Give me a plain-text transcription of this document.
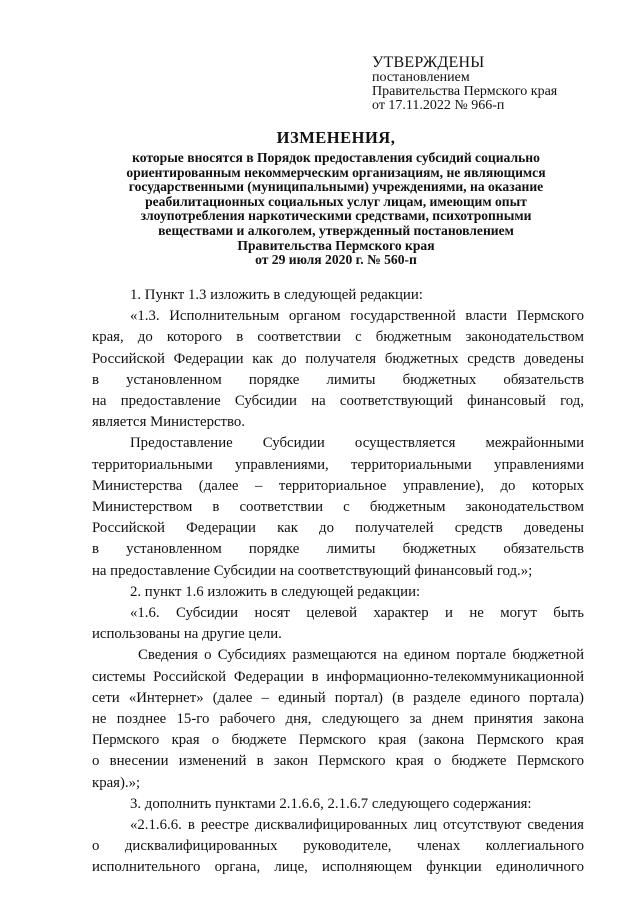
УТВЕРЖДЕНЫ
постановлением
Правительства Пермского края
от 17.11.2022 № 966-п
ИЗМЕНЕНИЯ,
которые вносятся в Порядок предоставления субсидий социально
ориентированным некоммерческим организациям, не являющимся
государственными (муниципальными) учреждениями, на оказание
реабилитационных социальных услуг лицам, имеющим опыт
злоупотребления наркотическими средствами, психотропными
веществами и алкоголем, утвержденный постановлением
Правительства Пермского края
от 29 июля 2020 г. № 560-п
1. Пункт 1.3 изложить в следующей редакции:
«1.3. Исполнительным органом государственной власти Пермского
края, до которого в соответствии с бюджетным законодательством
Российской Федерации как до получателя бюджетных средств доведены
в установленном порядке лимиты бюджетных обязательств
на предоставление Субсидии на соответствующий финансовый год,
является Министерство.
Предоставление Субсидии осуществляется межрайонными
территориальными управлениями, территориальными управлениями
Министерства (далее – территориальное управление), до которых
Министерством в соответствии с бюджетным законодательством
Российской Федерации как до получателей средств доведены
в установленном порядке лимиты бюджетных обязательств
на предоставление Субсидии на соответствующий финансовый год.»;
2. пункт 1.6 изложить в следующей редакции:
«1.6. Субсидии носят целевой характер и не могут быть
использованы на другие цели.
Сведения о Субсидиях размещаются на едином портале бюджетной
системы Российской Федерации в информационно-телекоммуникационной
сети «Интернет» (далее – единый портал) (в разделе единого портала)
не позднее 15-го рабочего дня, следующего за днем принятия закона
Пермского края о бюджете Пермского края (закона Пермского края
о внесении изменений в закон Пермского края о бюджете Пермского
края).»;
3. дополнить пунктами 2.1.6.6, 2.1.6.7 следующего содержания:
«2.1.6.6. в реестре дисквалифицированных лиц отсутствуют сведения
о дисквалифицированных руководителе, членах коллегиального
исполнительного органа, лице, исполняющем функции единоличного
